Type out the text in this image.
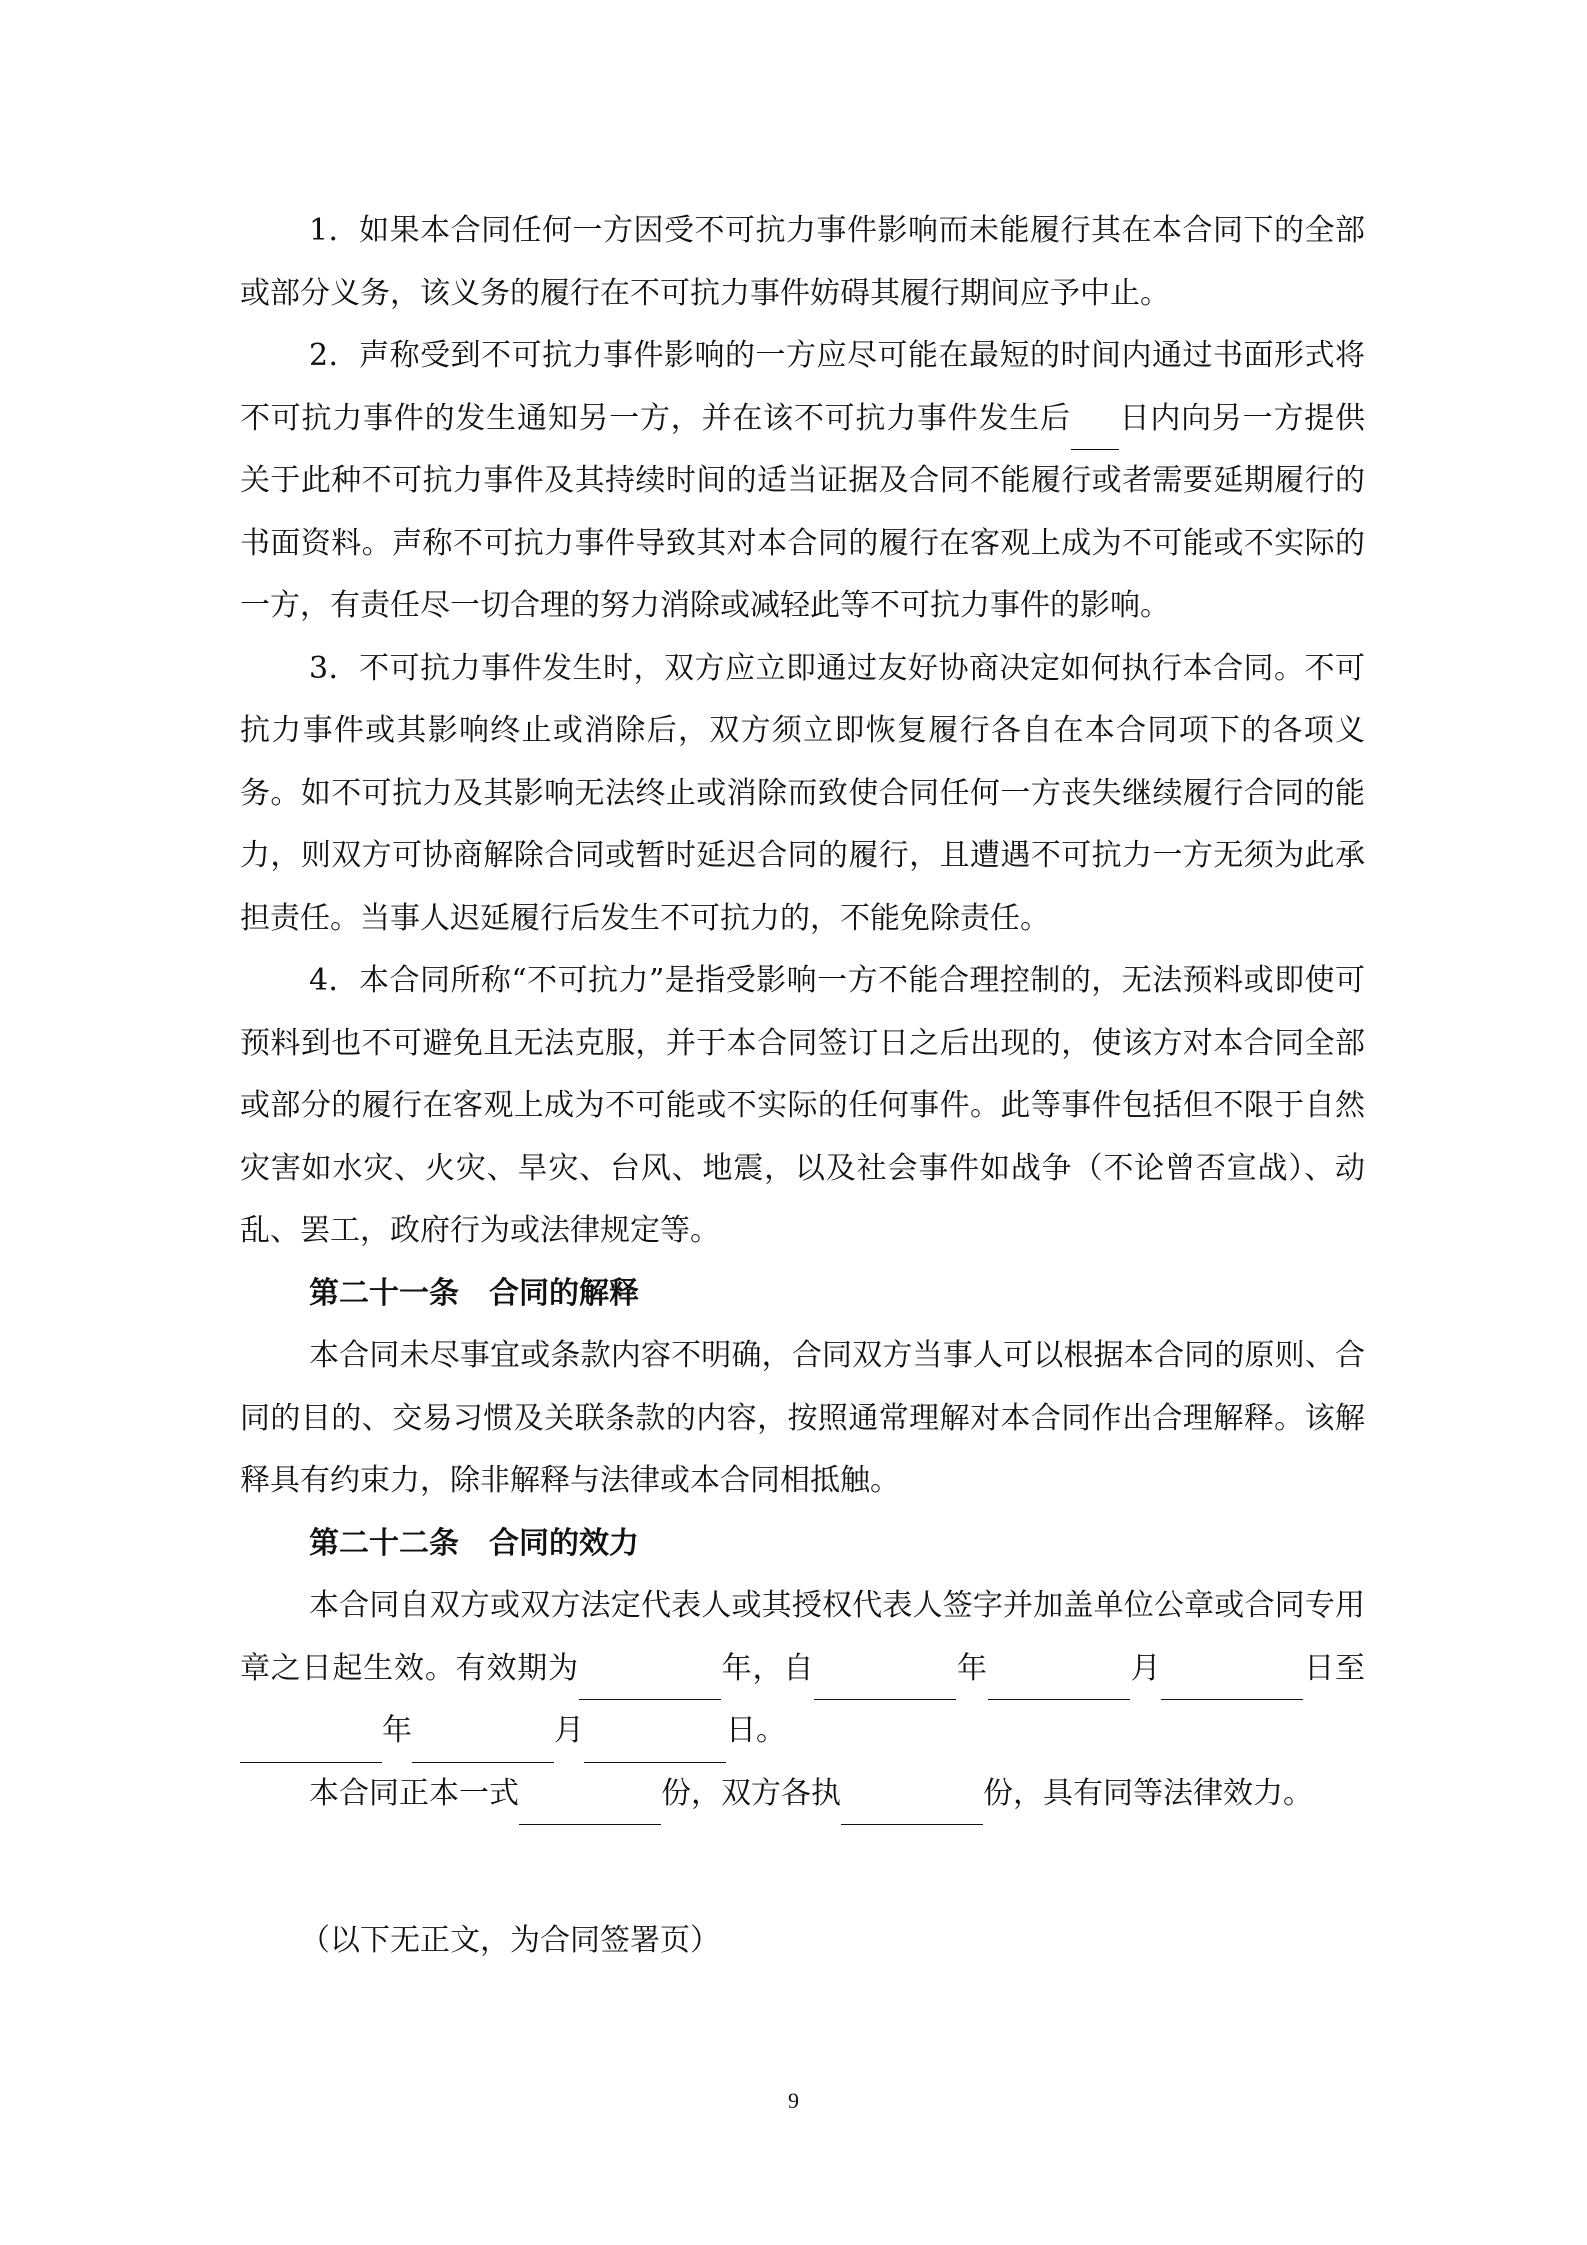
1．如果本合同任何一方因受不可抗力事件影响而未能履行其在本合同下的全部或部分义务，该义务的履行在不可抗力事件妨碍其履行期间应予中止。

2．声称受到不可抗力事件影响的一方应尽可能在最短的时间内通过书面形式将不可抗力事件的发生通知另一方，并在该不可抗力事件发生后 日内向另一方提供关于此种不可抗力事件及其持续时间的适当证据及合同不能履行或者需要延期履行的书面资料。声称不可抗力事件导致其对本合同的履行在客观上成为不可能或不实际的一方，有责任尽一切合理的努力消除或减轻此等不可抗力事件的影响。

3．不可抗力事件发生时，双方应立即通过友好协商决定如何执行本合同。不可抗力事件或其影响终止或消除后，双方须立即恢复履行各自在本合同项下的各项义务。如不可抗力及其影响无法终止或消除而致使合同任何一方丧失继续履行合同的能力，则双方可协商解除合同或暂时延迟合同的履行，且遭遇不可抗力一方无须为此承担责任。当事人迟延履行后发生不可抗力的，不能免除责任。

4．本合同所称“不可抗力”是指受影响一方不能合理控制的，无法预料或即使可预料到也不可避免且无法克服，并于本合同签订日之后出现的，使该方对本合同全部或部分的履行在客观上成为不可能或不实际的任何事件。此等事件包括但不限于自然灾害如水灾、火灾、旱灾、台风、地震，以及社会事件如战争（不论曾否宣战）、动乱、罢工，政府行为或法律规定等。

第二十一条　合同的解释

本合同未尽事宜或条款内容不明确，合同双方当事人可以根据本合同的原则、合同的目的、交易习惯及关联条款的内容，按照通常理解对本合同作出合理解释。该解释具有约束力，除非解释与法律或本合同相抵触。

第二十二条　合同的效力

本合同自双方或双方法定代表人或其授权代表人签字并加盖单位公章或合同专用章之日起生效。有效期为	年，自	年	月	日至年	月	日。

本合同正本一式	份，双方各执	份，具有同等法律效力。

（以下无正文，为合同签署页）
9
